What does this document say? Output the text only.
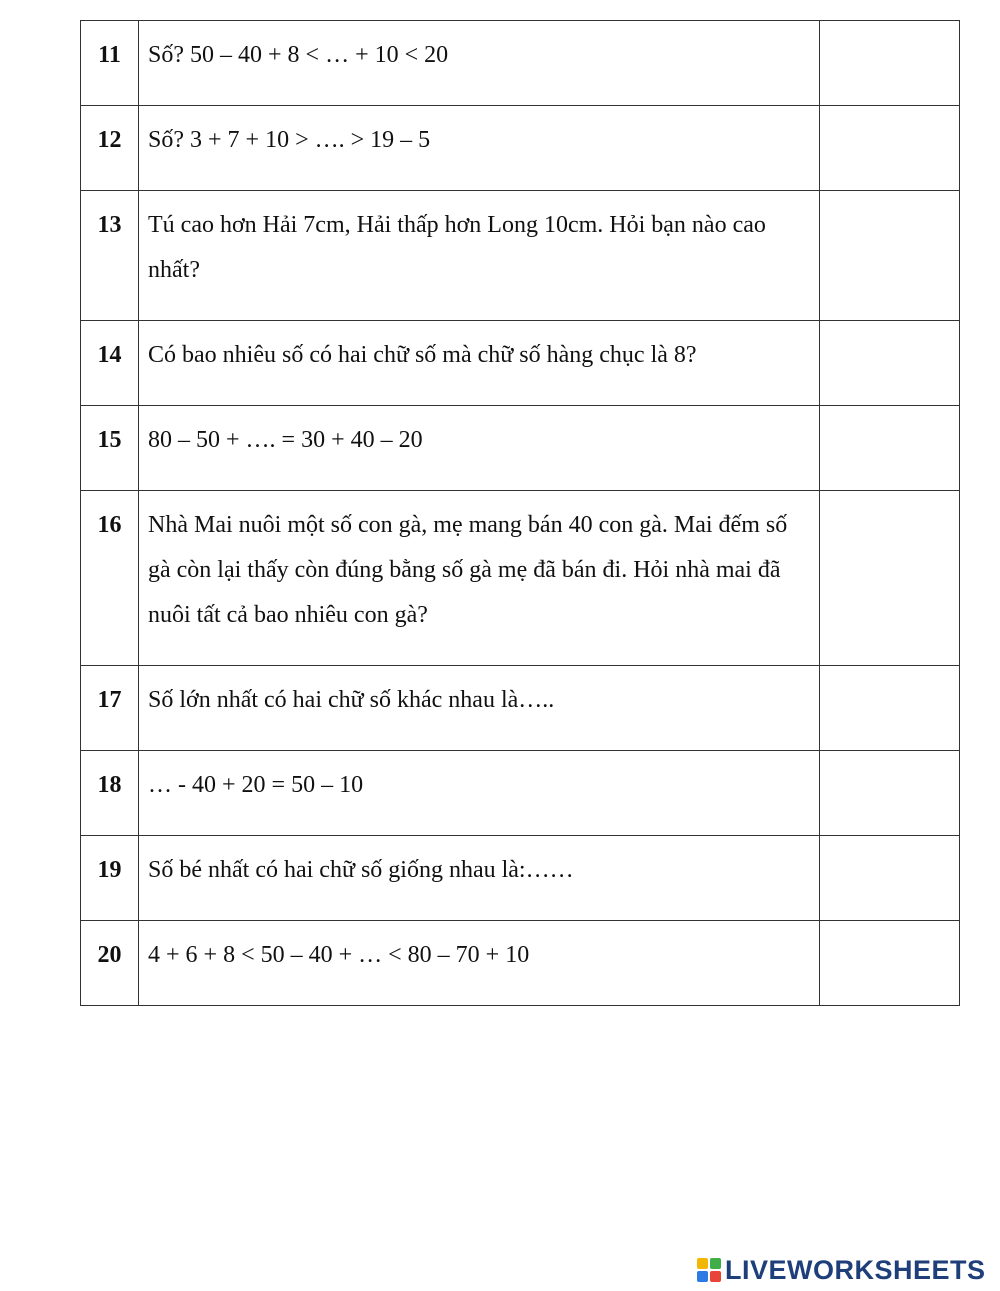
11	Số? 50 – 40 + 8 < … + 10 < 20	
12	Số? 3 + 7 + 10 > …. > 19 – 5	
13	Tú cao hơn Hải 7cm, Hải thấp hơn Long 10cm. Hỏi bạn nào cao nhất?	
14	Có bao nhiêu số có hai chữ số mà chữ số hàng chục là 8?	
15	80 – 50 + …. = 30 + 40 – 20	
16	Nhà Mai nuôi một số con gà, mẹ mang bán 40 con gà. Mai đếm số gà còn lại thấy còn đúng bằng số gà mẹ đã bán đi. Hỏi nhà mai đã nuôi tất cả bao nhiêu con gà?	
17	Số lớn nhất có hai chữ số khác nhau là…..	
18	… - 40 + 20 = 50 – 10	
19	Số bé nhất có hai chữ số giống nhau là:……	
20	4 + 6 + 8 < 50 – 40 + … < 80 – 70 + 10	
LIVEWORKSHEETS
